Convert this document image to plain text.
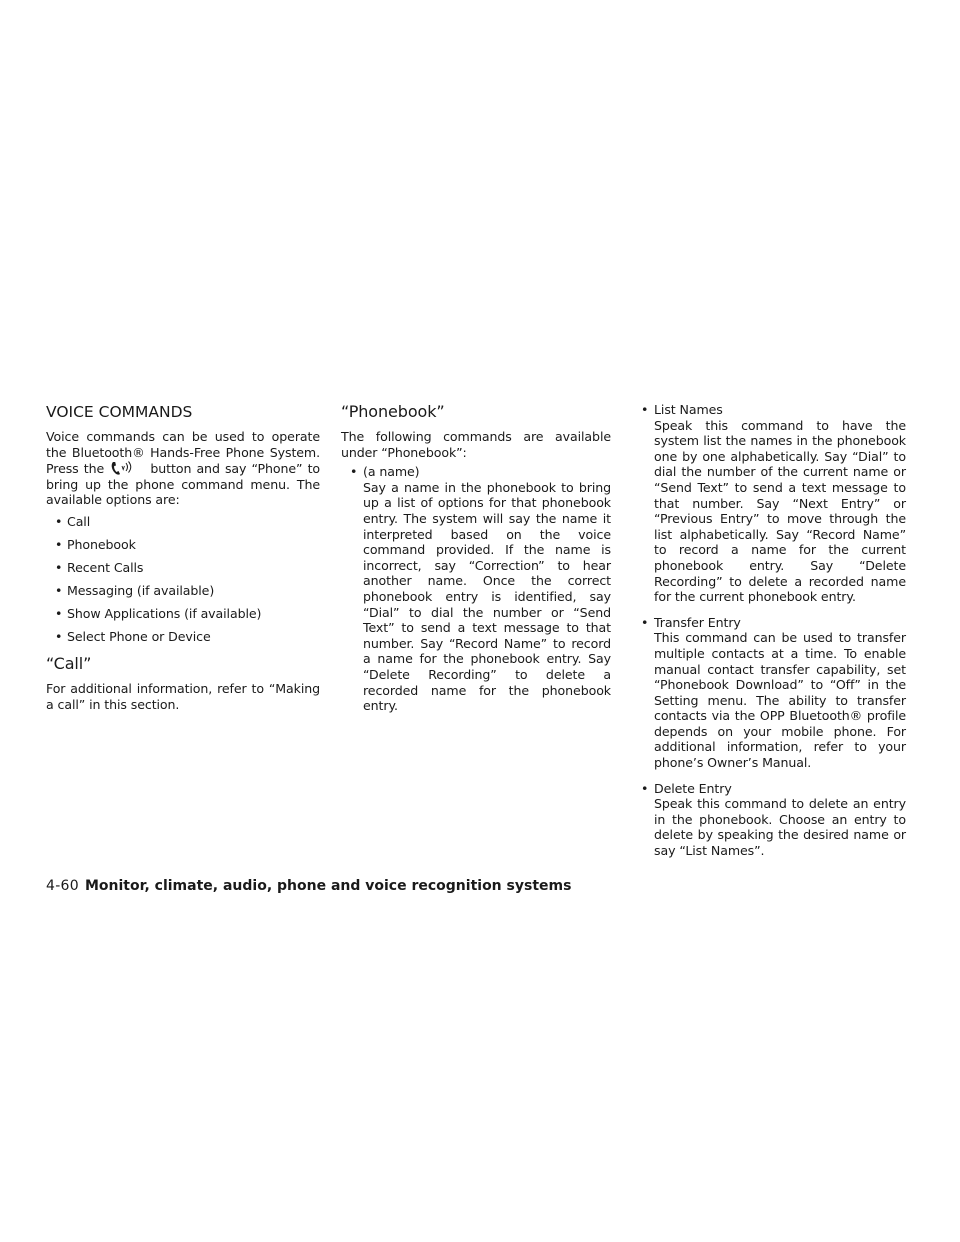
VOICE COMMANDS

Voice commands can be used to operate the Bluetooth® Hands-Free Phone System. Press the	button and say “Phone” to bring up the phone command menu. The available options are:

• Call
• Phonebook
• Recent Calls
• Messaging (if available)
• Show Applications (if available)
• Select Phone or Device
“Call”

For additional information, refer to “Making a call” in this section.

“Phonebook”

The following commands are available under “Phonebook”:

• (a name)
Say a name in the phonebook to bring up a list of options for that phonebook entry. The system will say the name it interpreted based on the voice command provided. If the name is incorrect, say “Correction” to hear another name. Once the correct phonebook entry is identified, say “Dial” to dial the number or “Send Text” to send a text message to that number. Say “Record Name” to record a name for the phonebook entry. Say “Delete Recording” to delete a recorded name for the phonebook entry.
• List Names
Speak this command to have the system list the names in the phonebook one by one alphabetically. Say “Dial” to dial the number of the current name or “Send Text” to send a text message to that number. Say “Next Entry” or “Previous Entry” to move through the list alphabetically. Say “Record Name” to record a name for the current phonebook entry. Say “Delete Recording” to delete a recorded name for the current phonebook entry.
• Transfer Entry
This command can be used to transfer multiple contacts at a time. To enable manual contact transfer capability, set “Phonebook Download” to “Off” in the Setting menu. The ability to transfer contacts via the OPP Bluetooth® profile depends on your mobile phone. For additional information, refer to your phone’s Owner’s Manual.
• Delete Entry
Speak this command to delete an entry in the phonebook. Choose an entry to delete by speaking the desired name or say “List Names”.
4-60 Monitor, climate, audio, phone and voice recognition systems
